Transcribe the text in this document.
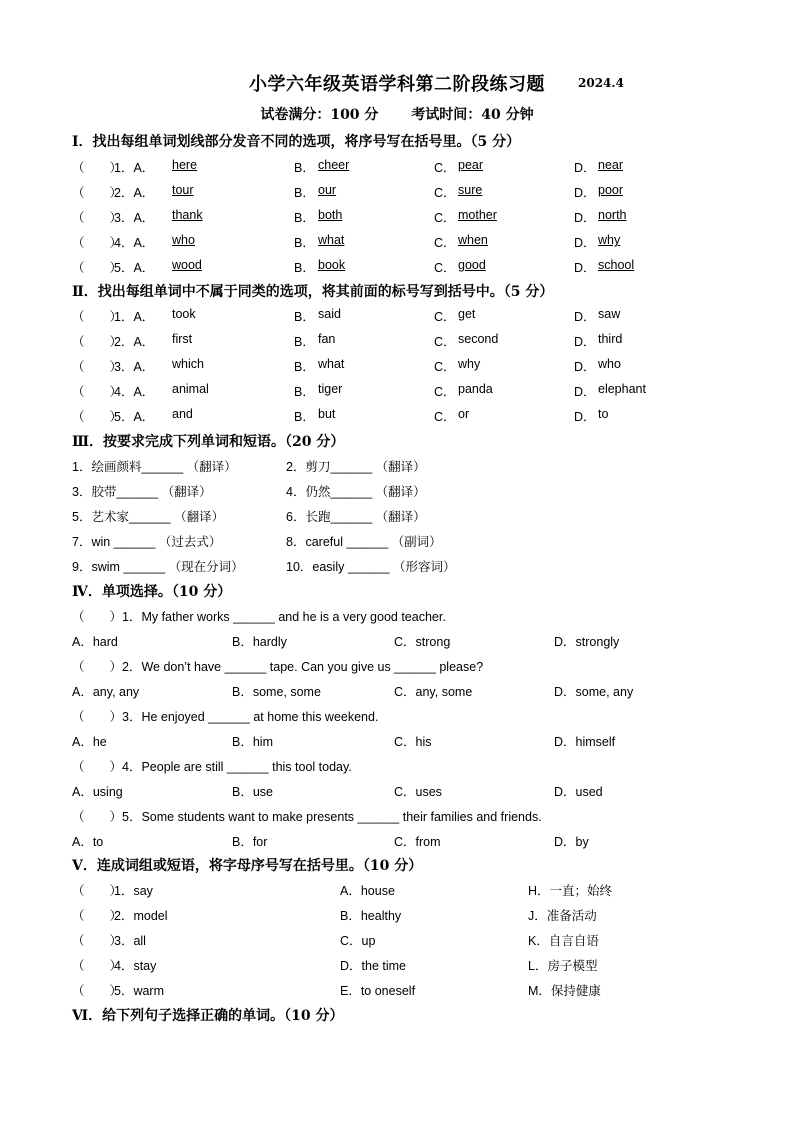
小学六年级英语学科第二阶段练习题	2024.4
试卷满分：100 分 考试时间：40 分钟
Ⅰ．找出每组单词划线部分发音不同的选项，将序号写在括号里。（5 分）
（　　）
1．A． here	B． cheer	C． pear	D． near
（　　）
2．A． tour	B． our	C． sure	D． poor
（　　）
3．A． thank	B． both	C． mother	D． north
（　　）
4．A． who	B． what	C． when	D． why
（　　）
5．A． wood	B． book	C． good	D． school
Ⅱ．找出每组单词中不属于同类的选项，将其前面的标号写到括号中。（5 分）
（　　）
1．A． took	B． said	C． get	D． saw
（　　）
2．A． first	B． fan	C． second	D． third
（　　）
3．A． which	B． what	C． why	D． who
（　　）
4．A． animal	B． tiger	C． panda	D． elephant
（　　）
5．A． and	B． but	C． or	D． to
Ⅲ．按要求完成下列单词和短语。（20 分）
1．绘画颜料______ （翻译）	2．剪刀______ （翻译）
3．胶带______ （翻译）	4．仍然______ （翻译）
5．艺术家______ （翻译）	6．长跑______ （翻译）
7．win ______ （过去式）	8．careful ______ （副词）
9．swim ______ （现在分词）	10．easily ______ （形容词）
Ⅳ．单项选择。（10 分）
（　　）1．My father works ______ and he is a very good teacher.
A．hard	B．hardly	C．strong	D．strongly
（　　）2．We don’t have ______ tape. Can you give us ______ please?
A．any, any	B．some, some	C．any, some	D．some, any
（　　）3．He enjoyed ______ at home this weekend.
A．he	B．him	C．his	D．himself
（　　）4．People are still ______ this tool today.
A．using	B．use	C．uses	D．used
（　　）5．Some students want to make presents ______ their families and friends.
A．to	B．for	C．from	D．by
Ⅴ．连成词组或短语，将字母序号写在括号里。（10 分）
（　　）
1．say	A．house	H．一直；始终
（　　）
2．model	B．healthy	J．准备活动
（　　）
3．all	C．up	K．自言自语
（　　）
4．stay	D．the time	L．房子模型
（　　）
5．warm	E．to oneself	M．保持健康
Ⅵ．给下列句子选择正确的单词。（10 分）
